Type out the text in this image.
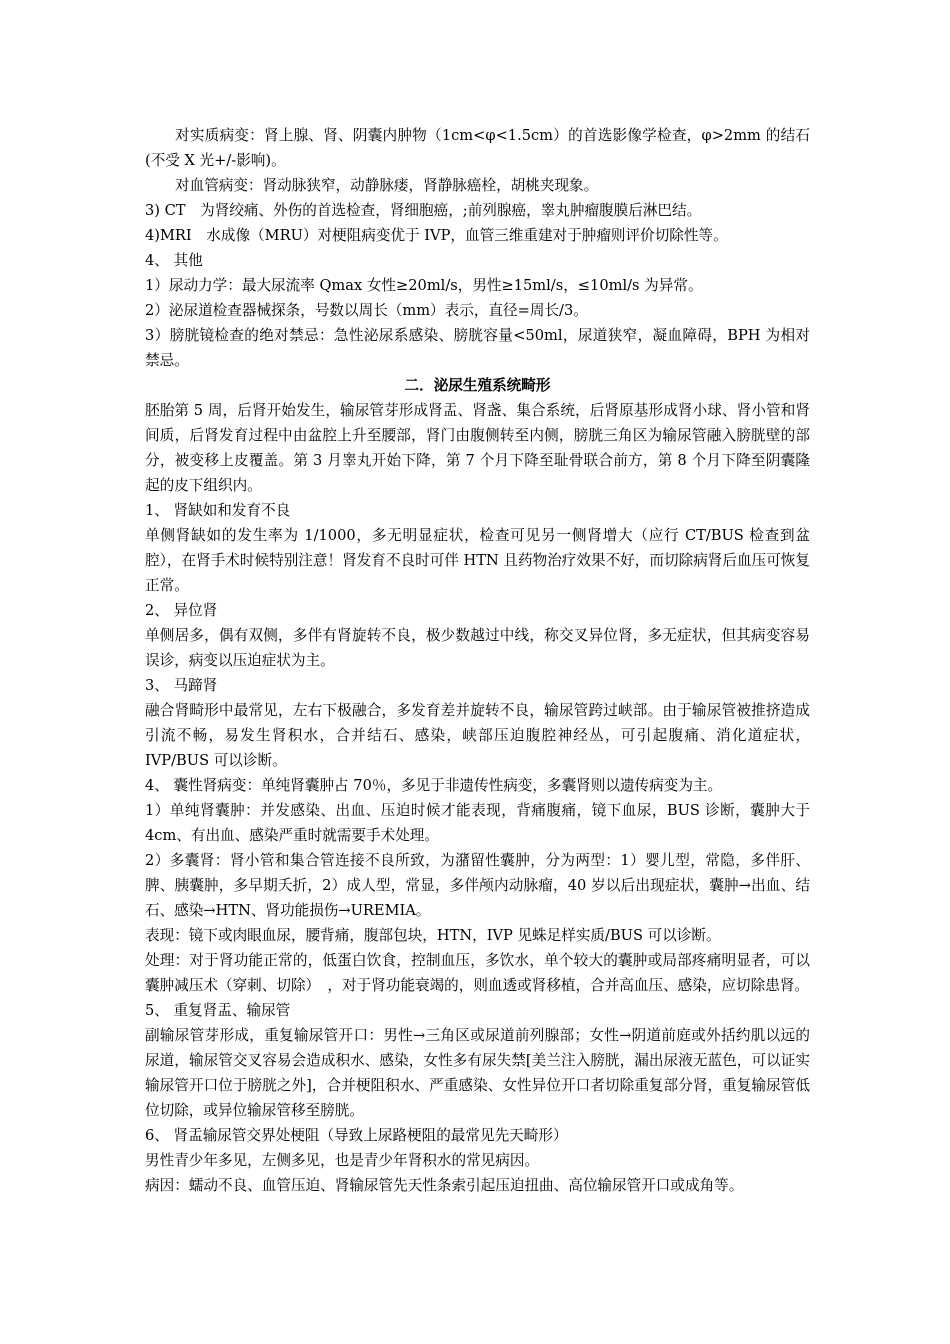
对实质病变：肾上腺、肾、阴囊内肿物（1cm<φ<1.5cm）的首选影像学检查，φ>2mm 的结石(不受 X 光+/-影响)。

对血管病变：肾动脉狭窄，动静脉瘘，肾静脉癌栓，胡桃夹现象。

3) CT　为肾绞痛、外伤的首选检查，肾细胞癌，;前列腺癌，睾丸肿瘤腹膜后淋巴结。

4)MRI　水成像（MRU）对梗阻病变优于 IVP，血管三维重建对于肿瘤则评价切除性等。

4、 其他

1）尿动力学：最大尿流率 Qmax 女性≥20ml/s，男性≥15ml/s，≤10ml/s 为异常。

2）泌尿道检查器械探条，号数以周长（mm）表示，直径=周长/3。

3）膀胱镜检查的绝对禁忌：急性泌尿系感染、膀胱容量<50ml，尿道狭窄，凝血障碍，BPH 为相对禁忌。

二．泌尿生殖系统畸形

胚胎第 5 周，后肾开始发生，输尿管芽形成肾盂、肾盏、集合系统，后肾原基形成肾小球、肾小管和肾间质，后肾发育过程中由盆腔上升至腰部，肾门由腹侧转至内侧，膀胱三角区为输尿管融入膀胱壁的部分，被变移上皮覆盖。第 3 月睾丸开始下降，第 7 个月下降至耻骨联合前方，第 8 个月下降至阴囊隆起的皮下组织内。

1、 肾缺如和发育不良

单侧肾缺如的发生率为 1/1000，多无明显症状，检查可见另一侧肾增大（应行 CT/BUS 检查到盆腔），在肾手术时候特别注意！肾发育不良时可伴 HTN 且药物治疗效果不好，而切除病肾后血压可恢复正常。

2、 异位肾

单侧居多，偶有双侧，多伴有肾旋转不良，极少数越过中线，称交叉异位肾，多无症状，但其病变容易误诊，病变以压迫症状为主。

3、 马蹄肾

融合肾畸形中最常见，左右下极融合，多发育差并旋转不良，输尿管跨过峡部。由于输尿管被推挤造成引流不畅，易发生肾积水，合并结石、感染，峡部压迫腹腔神经丛，可引起腹痛、消化道症状，IVP/BUS 可以诊断。

4、 囊性肾病变：单纯肾囊肿占 70％，多见于非遗传性病变，多囊肾则以遗传病变为主。

1）单纯肾囊肿：并发感染、出血、压迫时候才能表现，背痛腹痛，镜下血尿，BUS 诊断，囊肿大于 4cm、有出血、感染严重时就需要手术处理。

2）多囊肾：肾小管和集合管连接不良所致，为潴留性囊肿，分为两型：1）婴儿型，常隐，多伴肝、脾、胰囊肿，多早期夭折，2）成人型，常显，多伴颅内动脉瘤，40 岁以后出现症状，囊肿→出血、结石、感染→HTN、肾功能损伤→UREMIA。

表现：镜下或肉眼血尿，腰背痛，腹部包块，HTN，IVP 见蛛足样实质/BUS 可以诊断。

处理：对于肾功能正常的，低蛋白饮食，控制血压，多饮水，单个较大的囊肿或局部疼痛明显者，可以囊肿减压术（穿刺、切除）　，对于肾功能衰竭的，则血透或肾移植，合并高血压、感染，应切除患肾。

5、 重复肾盂、输尿管

副输尿管芽形成，重复输尿管开口：男性→三角区或尿道前列腺部；女性→阴道前庭或外括约肌以远的尿道，输尿管交叉容易会造成积水、感染，女性多有尿失禁[美兰注入膀胱，漏出尿液无蓝色，可以证实输尿管开口位于膀胱之外]，合并梗阻积水、严重感染、女性异位开口者切除重复部分肾，重复输尿管低位切除，或异位输尿管移至膀胱。

6、 肾盂输尿管交界处梗阻（导致上尿路梗阻的最常见先天畸形）

男性青少年多见，左侧多见，也是青少年肾积水的常见病因。

病因：蠕动不良、血管压迫、肾输尿管先天性条索引起压迫扭曲、高位输尿管开口或成角等。
